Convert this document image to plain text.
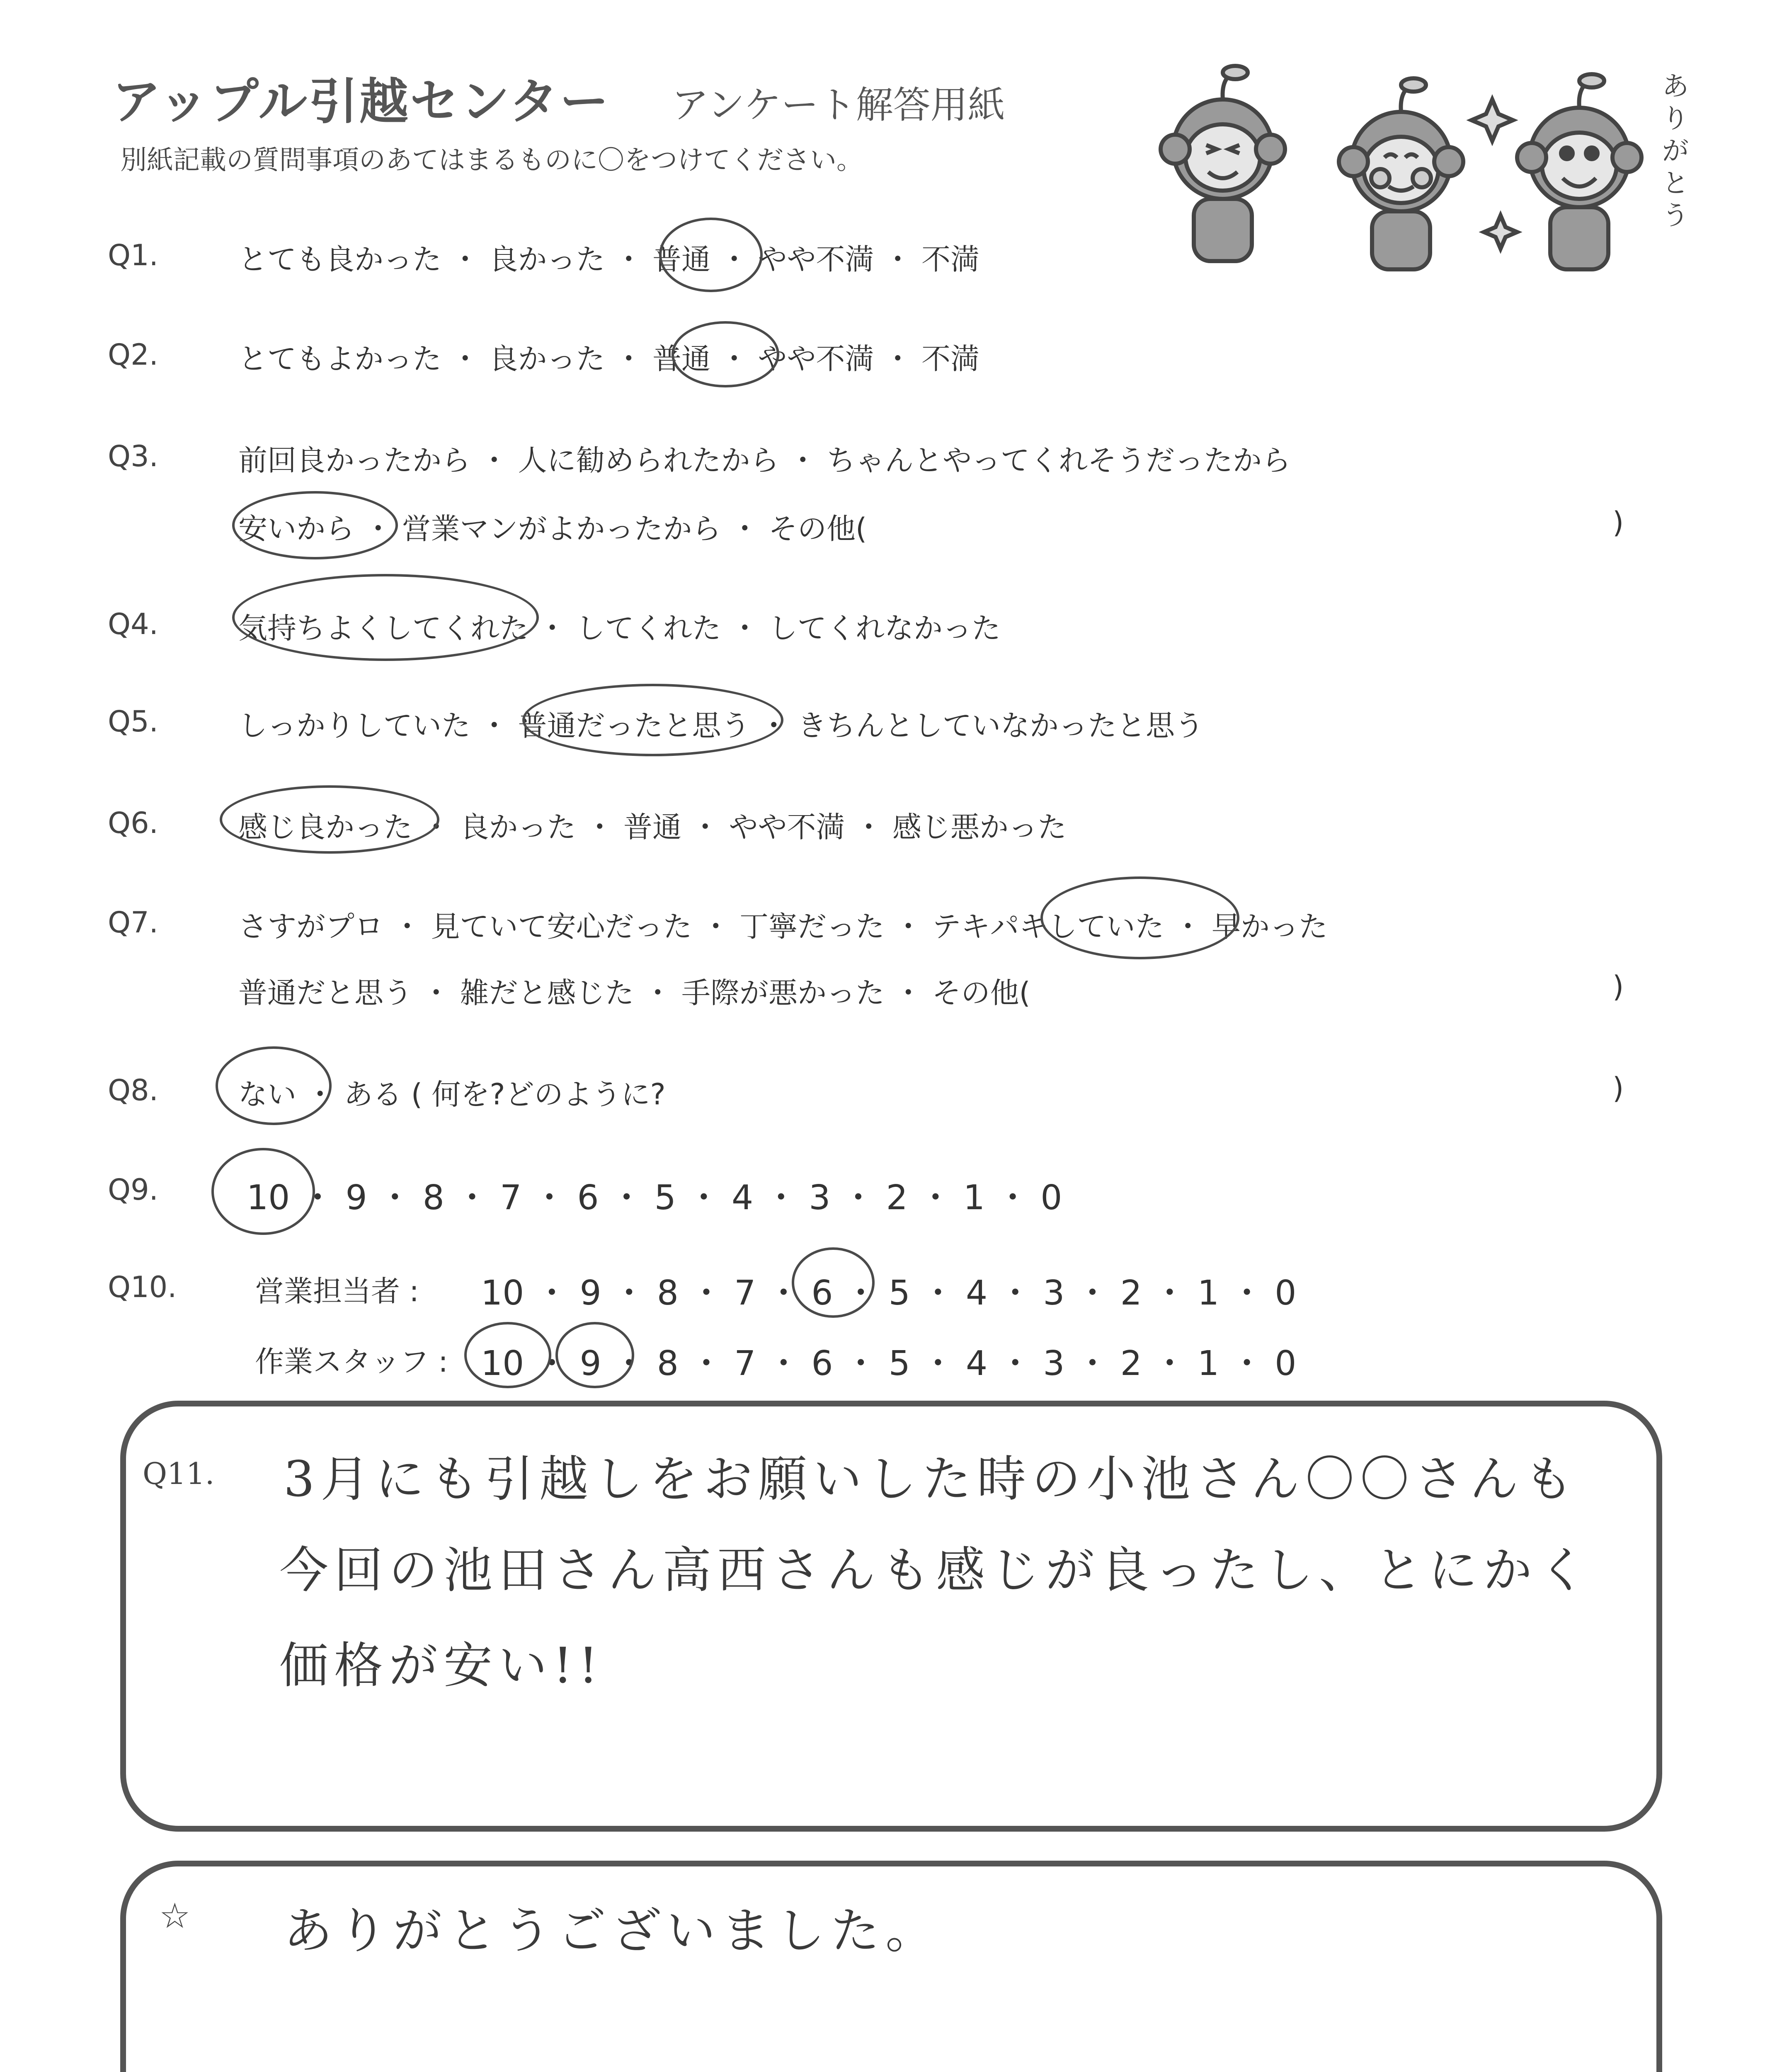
アップル引越センター アンケート解答用紙
別紙記載の質問事項のあてはまるものに〇をつけてください。
ありがとう
Q1.	とても良かった ・ 良かった ・ 普通 ・ やや不満 ・ 不満
Q2.	とてもよかった ・ 良かった ・ 普通 ・ やや不満 ・ 不満
Q3.	前回良かったから ・ 人に勧められたから ・ ちゃんとやってくれそうだったから
安いから ・ 営業マンがよかったから ・ その他(	)
Q4.	気持ちよくしてくれた ・ してくれた ・ してくれなかった
Q5.	しっかりしていた ・ 普通だったと思う ・ きちんとしていなかったと思う
Q6.	感じ良かった ・ 良かった ・ 普通 ・ やや不満 ・ 感じ悪かった
Q7.	さすがプロ ・ 見ていて安心だった ・ 丁寧だった ・ テキパキしていた ・ 早かった
普通だと思う ・ 雑だと感じた ・ 手際が悪かった ・ その他(	)
Q8.	ない ・ ある ( 何を?どのように?	)
Q9.	10 ・ 9 ・ 8 ・ 7 ・ 6 ・ 5 ・ 4 ・ 3 ・ 2 ・ 1 ・ 0
Q10.	営業担当者 : 10 ・ 9 ・ 8 ・ 7 ・ 6 ・ 5 ・ 4 ・ 3 ・ 2 ・ 1 ・ 0
作業スタッフ : 10 ・ 9 ・ 8 ・ 7 ・ 6 ・ 5 ・ 4 ・ 3 ・ 2 ・ 1 ・ 0
Q11. 3月にも引越しをお願いした時の小池さん〇〇さんも
今回の池田さん高西さんも感じが良ったし、とにかく
価格が安い!!
☆ ありがとうございました。
